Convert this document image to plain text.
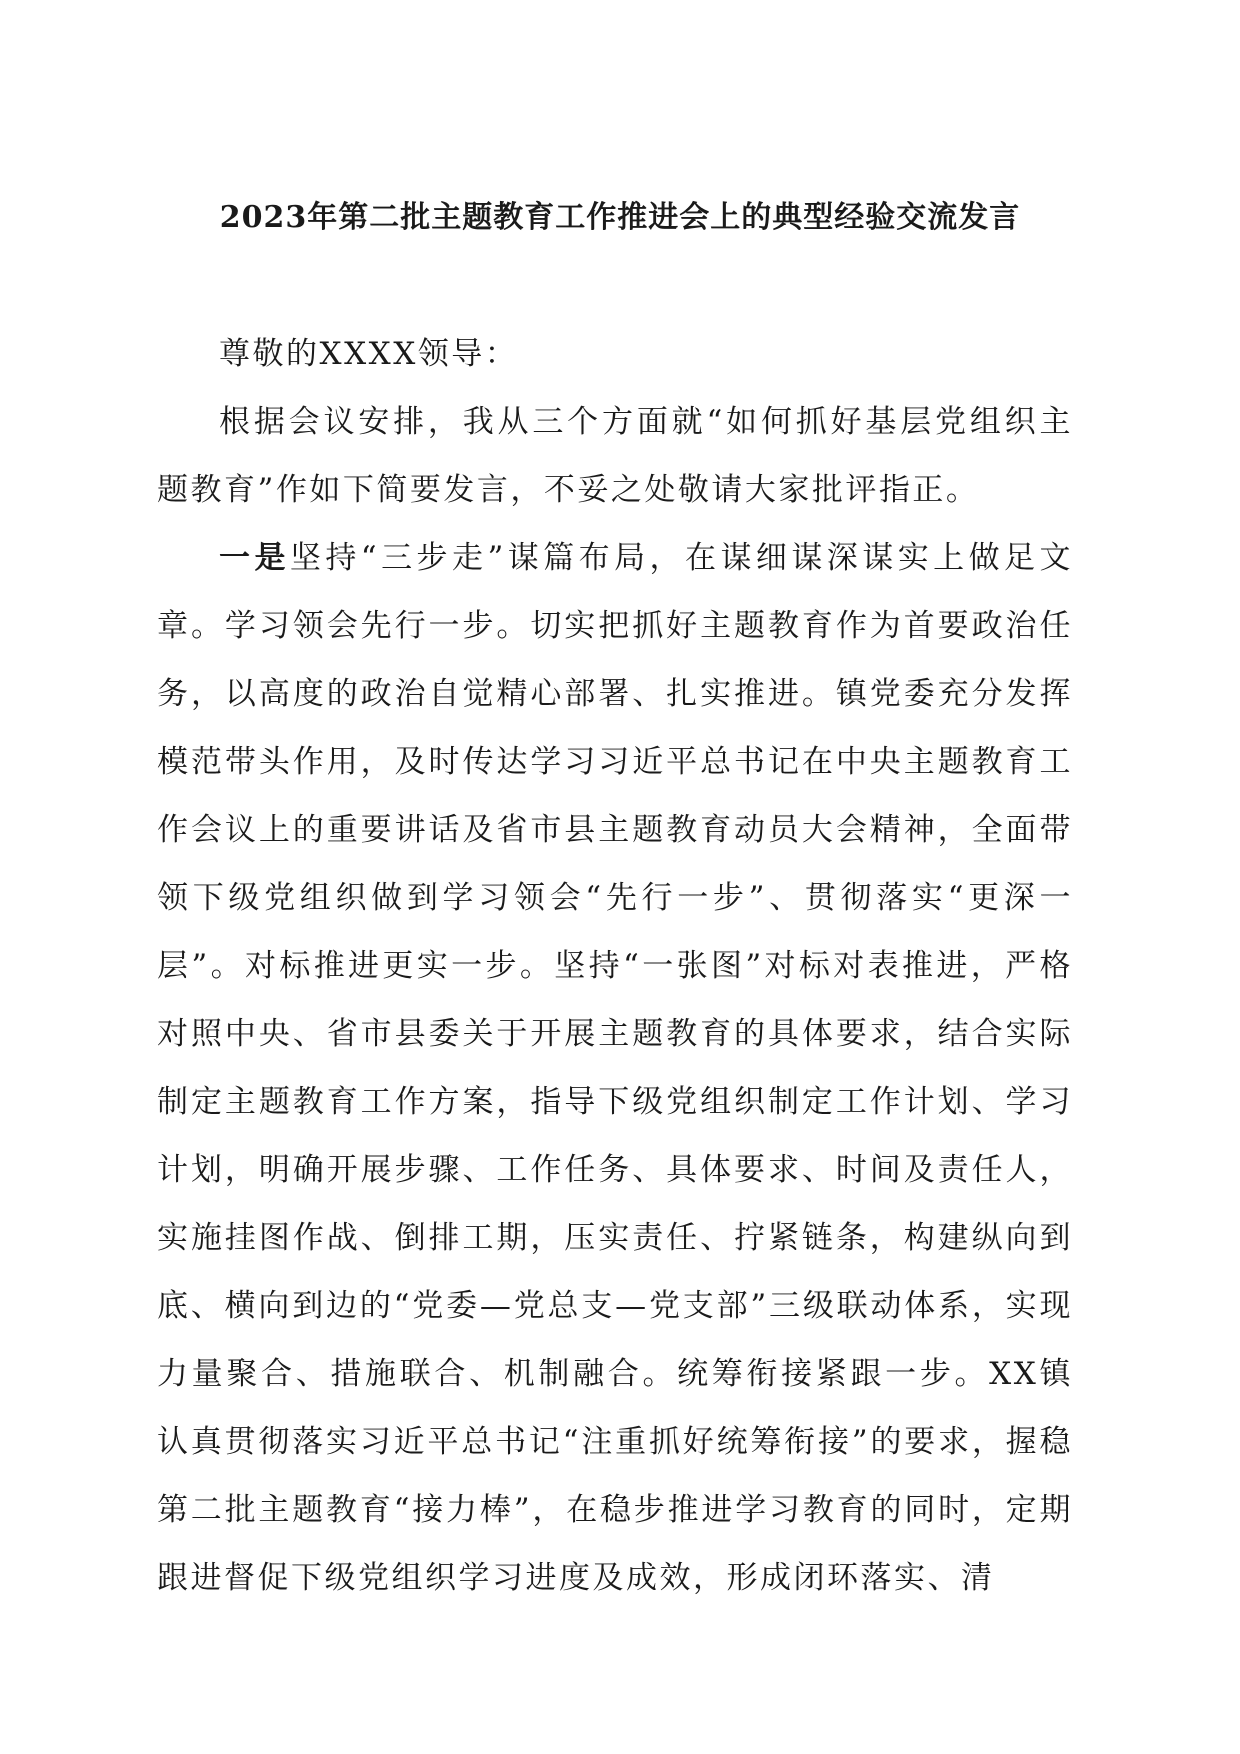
2023年第二批主题教育工作推进会上的典型经验交流发言

尊敬的XXXX领导：

根据会议安排，我从三个方面就“如何抓好基层党组织主题教育”作如下简要发言，不妥之处敬请大家批评指正。

一是坚持“三步走”谋篇布局，在谋细谋深谋实上做足文章。学习领会先行一步。切实把抓好主题教育作为首要政治任务，以高度的政治自觉精心部署、扎实推进。镇党委充分发挥模范带头作用，及时传达学习习近平总书记在中央主题教育工作会议上的重要讲话及省市县主题教育动员大会精神，全面带领下级党组织做到学习领会“先行一步”、贯彻落实“更深一层”。对标推进更实一步。坚持“一张图”对标对表推进，严格对照中央、省市县委关于开展主题教育的具体要求，结合实际制定主题教育工作方案，指导下级党组织制定工作计划、学习计划，明确开展步骤、工作任务、具体要求、时间及责任人，实施挂图作战、倒排工期，压实责任、拧紧链条，构建纵向到底、横向到边的“党委—党总支—党支部”三级联动体系，实现力量聚合、措施联合、机制融合。统筹衔接紧跟一步。XX镇认真贯彻落实习近平总书记“注重抓好统筹衔接”的要求，握稳第二批主题教育“接力棒”，在稳步推进学习教育的同时，定期跟进督促下级党组织学习进度及成效，形成闭环落实、清
